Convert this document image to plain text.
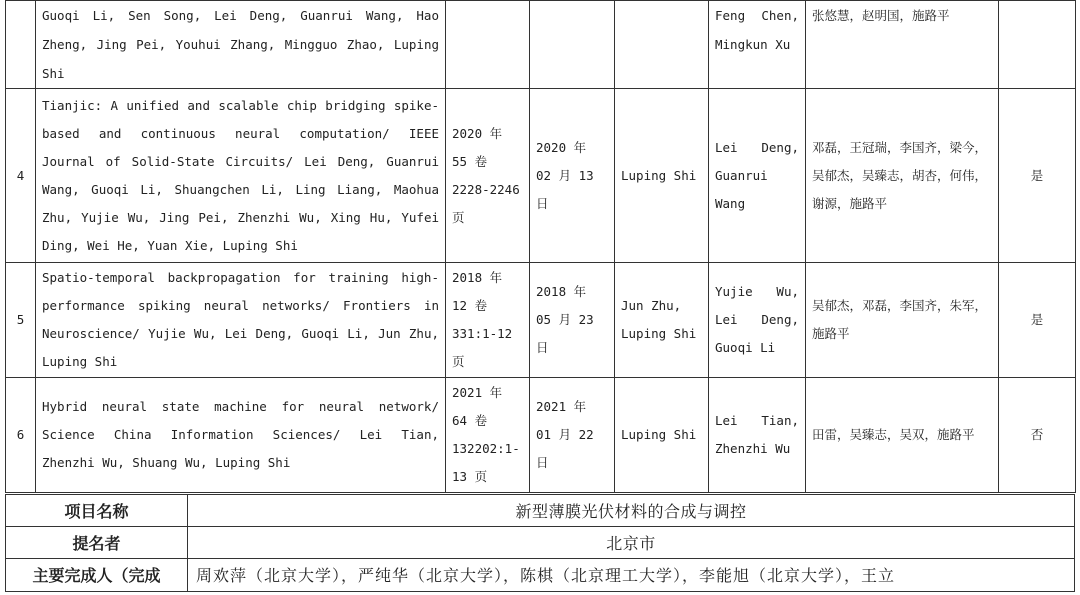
	Guoqi Li, Sen Song, Lei Deng, Guanrui Wang, Hao Zheng, Jing Pei, Youhui Zhang, Mingguo Zhao, Luping Shi				Feng Chen, Mingkun Xu	张悠慧，赵明国，施路平	
4	Tianjic: A unified and scalable chip bridging spike-based and continuous neural computation/ IEEE Journal of Solid-State Circuits/ Lei Deng, Guanrui Wang, Guoqi Li, Shuangchen Li, Ling Liang, Maohua Zhu, Yujie Wu, Jing Pei, Zhenzhi Wu, Xing Hu, Yufei Ding, Wei He, Yuan Xie, Luping Shi	2020 年 55 卷 2228-2246 页	2020 年 02 月 13 日	Luping Shi	Lei Deng, Guanrui Wang	邓磊，王冠瑞，李国齐，梁今，吴郁杰，吴臻志，胡杏，何伟，谢源，施路平	是
5	Spatio-temporal backpropagation for training high-performance spiking neural networks/ Frontiers in Neuroscience/ Yujie Wu, Lei Deng, Guoqi Li, Jun Zhu, Luping Shi	2018 年 12 卷 331:1-12 页	2018 年 05 月 23 日	Jun Zhu, Luping Shi	Yujie Wu, Lei Deng, Guoqi Li	吴郁杰，邓磊，李国齐，朱军，施路平	是
6	Hybrid neural state machine for neural network/ Science China Information Sciences/ Lei Tian, Zhenzhi Wu, Shuang Wu, Luping Shi	2021 年 64 卷 132202:1-13 页	2021 年 01 月 22 日	Luping Shi	Lei Tian, Zhenzhi Wu	田雷，吴臻志，吴双，施路平	否
项目名称	新型薄膜光伏材料的合成与调控
提名者	北京市
主要完成人（完成	周欢萍（北京大学），严纯华（北京大学），陈棋（北京理工大学），李能旭（北京大学），王立
